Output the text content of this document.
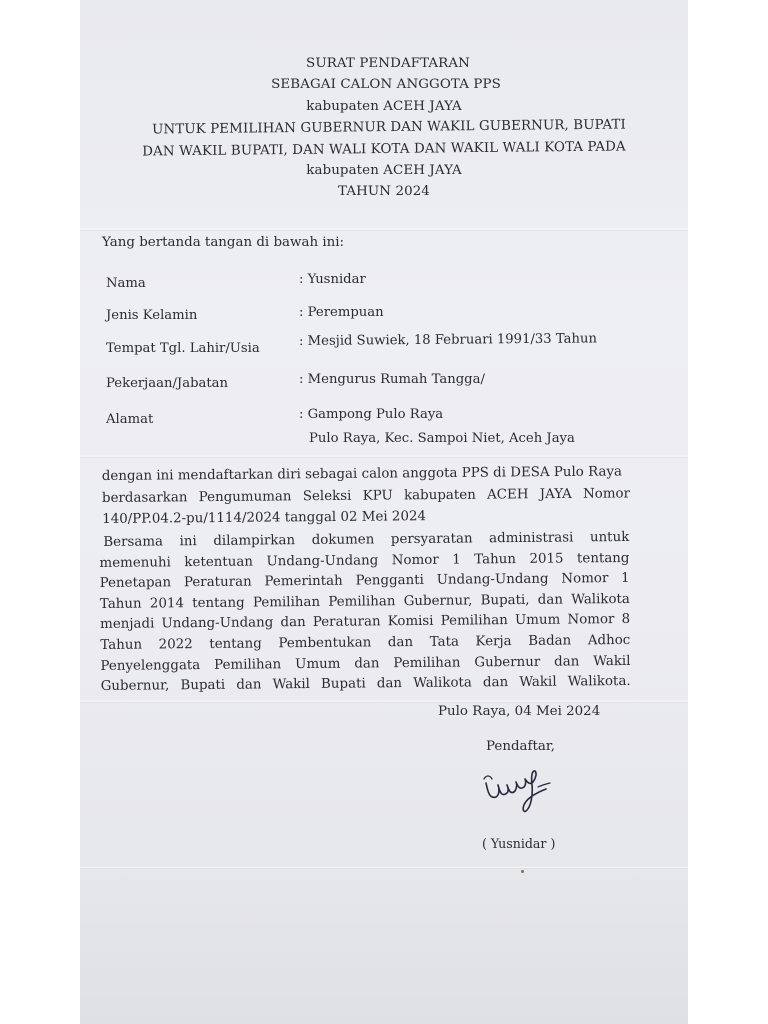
SURAT PENDAFTARAN
SEBAGAI CALON ANGGOTA PPS
kabupaten ACEH JAYA
UNTUK PEMILIHAN GUBERNUR DAN WAKIL GUBERNUR, BUPATI
DAN WAKIL BUPATI, DAN WALI KOTA DAN WAKIL WALI KOTA PADA
kabupaten ACEH JAYA
TAHUN 2024
Yang bertanda tangan di bawah ini:
Nama	: Yusnidar
Jenis Kelamin	: Perempuan
Tempat Tgl. Lahir/Usia	: Mesjid Suwiek, 18 Februari 1991/33 Tahun
Pekerjaan/Jabatan	: Mengurus Rumah Tangga/
Alamat	: Gampong Pulo Raya
Pulo Raya, Kec. Sampoi Niet, Aceh Jaya
dengan ini mendaftarkan diri sebagai calon anggota PPS di DESA Pulo Raya
berdasarkan Pengumuman Seleksi KPU kabupaten ACEH JAYA Nomor
140/PP.04.2-pu/1114/2024 tanggal 02 Mei 2024
Bersama ini dilampirkan dokumen persyaratan administrasi untuk
memenuhi ketentuan Undang-Undang Nomor 1 Tahun 2015 tentang
Penetapan Peraturan Pemerintah Pengganti Undang-Undang Nomor 1
Tahun 2014 tentang Pemilihan Pemilihan Gubernur, Bupati, dan Walikota
menjadi Undang-Undang dan Peraturan Komisi Pemilihan Umum Nomor 8
Tahun 2022 tentang Pembentukan dan Tata Kerja Badan Adhoc
Penyelenggata Pemilihan Umum dan Pemilihan Gubernur dan Wakil
Gubernur, Bupati dan Wakil Bupati dan Walikota dan Wakil Walikota.
Pulo Raya, 04 Mei 2024
Pendaftar,
( Yusnidar )
